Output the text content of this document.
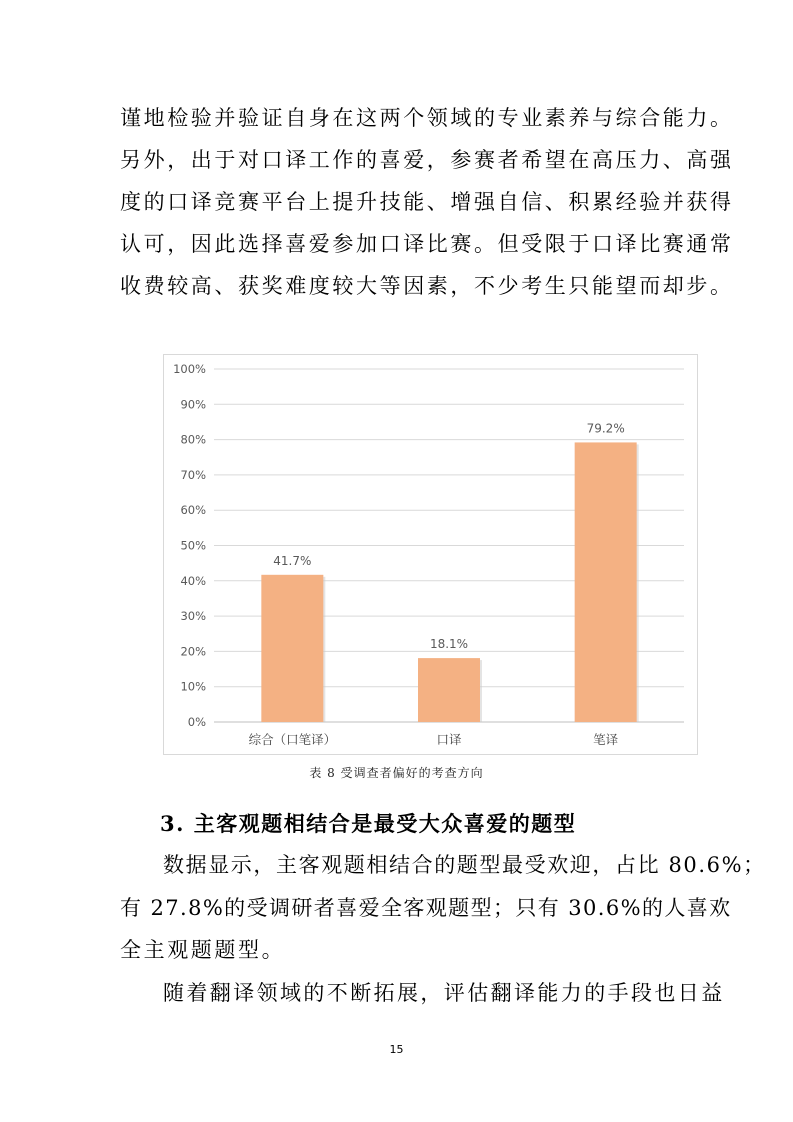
谨地检验并验证自身在这两个领域的专业素养与综合能力。
另外，出于对口译工作的喜爱，参赛者希望在高压力、高强
度的口译竞赛平台上提升技能、增强自信、积累经验并获得
认可，因此选择喜爱参加口译比赛。但受限于口译比赛通常
收费较高、获奖难度较大等因素，不少考生只能望而却步。
0%
10%
20%
30%
40%
50%
60%
70%
80%
90%
100%
41.7%
综合（口笔译）
18.1%
口译
79.2%
笔译
表 8 受调查者偏好的考查方向
3. 主客观题相结合是最受大众喜爱的题型
数据显示，主客观题相结合的题型最受欢迎，占比 80.6%；
有 27.8%的受调研者喜爱全客观题型；只有 30.6%的人喜欢
全主观题题型。
随着翻译领域的不断拓展，评估翻译能力的手段也日益
15
